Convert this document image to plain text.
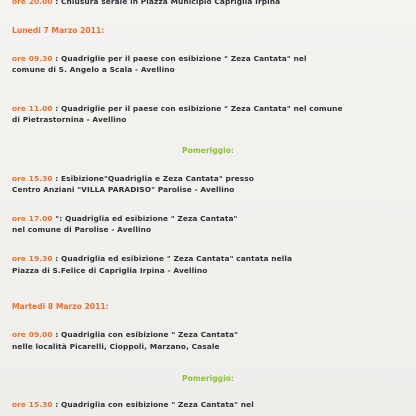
ore 20.00 : Chiusura serale in Piazza Municipio Capriglia Irpina
Lunedi 7 Marzo 2011:
ore 09.30 : Quadriglie per il paese con esibizione " Zeza Cantata" nel
comune di S. Angelo a Scala - Avellino
ore 11.00 : Quadriglie per il paese con esibizione " Zeza Cantata" nel comune
di Pietrastornina - Avellino
Pomeriggio:
ore 15.30 : Esibizione"Quadriglia e Zeza Cantata" presso
Centro Anziani "VILLA PARADISO" Parolise - Avellino
ore 17.00 ": Quadriglia ed esibizione " Zeza Cantata"
nel comune di Parolise - Avellino
ore 19.30 : Quadriglia ed esibizione " Zeza Cantata" cantata nella
Piazza di S.Felice di Capriglia Irpina - Avellino
Martedi 8 Marzo 2011:
ore 09.00 : Quadriglia con esibizione " Zeza Cantata"
nelle località Picarelli, Cioppoli, Marzano, Casale
Pomeriggio:
ore 15.30 : Quadriglia con esibizione " Zeza Cantata" nel
